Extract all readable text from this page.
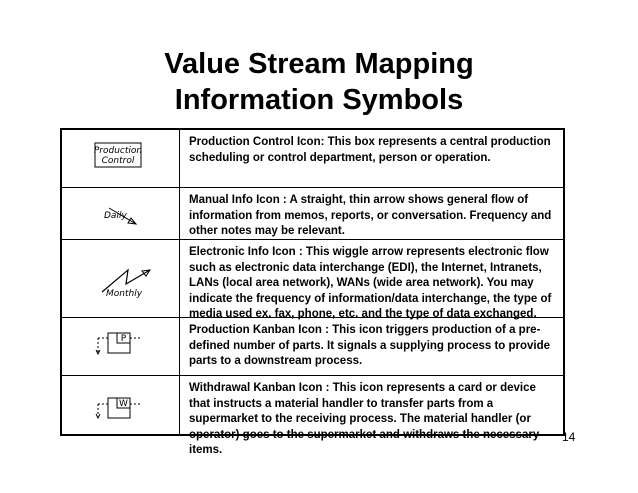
Value Stream Mapping
Information Symbols
Production
Control
Production Control Icon: This box represents a central production scheduling or control department, person or operation.
Daily
Manual Info Icon : A straight, thin arrow shows general flow of information from memos, reports, or conversation. Frequency and other notes may be relevant.
Monthly
Electronic Info Icon : This wiggle arrow represents electronic flow such as electronic data interchange (EDI), the Internet, Intranets, LANs (local area network), WANs (wide area network). You may indicate the frequency of information/data interchange, the type of media used ex. fax, phone, etc. and the type of data exchanged.
P
Production Kanban Icon : This icon triggers production of a pre-defined number of parts. It signals a supplying process to provide parts to a downstream process.
W
Withdrawal Kanban Icon : This icon represents a card or device that instructs a material handler to transfer parts from a supermarket to the receiving process. The material handler (or operator) goes to the supermarket and withdraws the necessary items.
14
